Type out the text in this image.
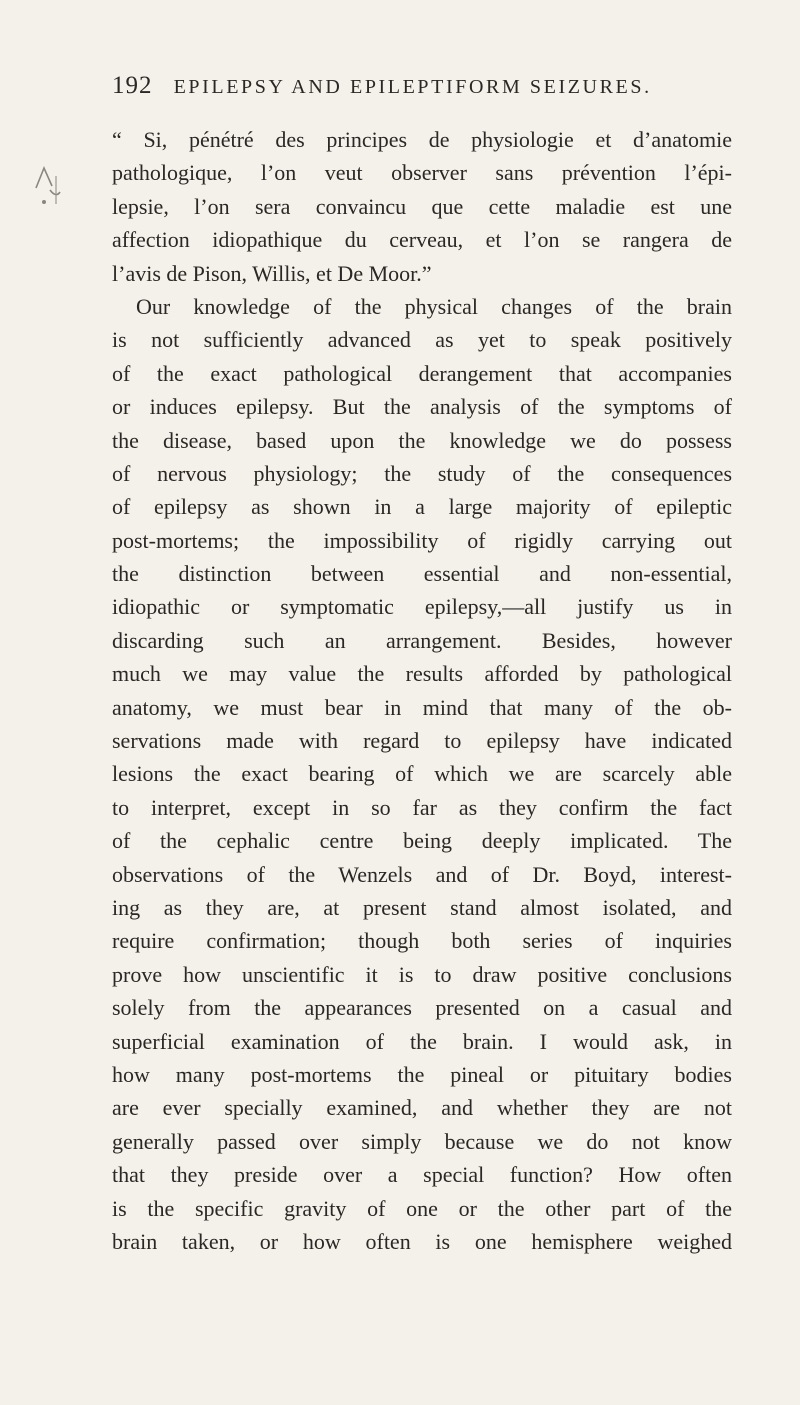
192 EPILEPSY AND EPILEPTIFORM SEIZURES.
“ Si, pénétré des principes de physiologie et d’anatomie
pathologique, l’on veut observer sans prévention l’épi-
lepsie, l’on sera convaincu que cette maladie est une
affection idiopathique du cerveau, et l’on se rangera de
l’avis de Pison, Willis, et De Moor.”
Our knowledge of the physical changes of the brain
is not sufficiently advanced as yet to speak positively
of the exact pathological derangement that accompanies
or induces epilepsy. But the analysis of the symptoms of
the disease, based upon the knowledge we do possess
of nervous physiology; the study of the consequences
of epilepsy as shown in a large majority of epileptic
post-mortems; the impossibility of rigidly carrying out
the distinction between essential and non-essential,
idiopathic or symptomatic epilepsy,—all justify us in
discarding such an arrangement. Besides, however
much we may value the results afforded by pathological
anatomy, we must bear in mind that many of the ob-
servations made with regard to epilepsy have indicated
lesions the exact bearing of which we are scarcely able
to interpret, except in so far as they confirm the fact
of the cephalic centre being deeply implicated. The
observations of the Wenzels and of Dr. Boyd, interest-
ing as they are, at present stand almost isolated, and
require confirmation; though both series of inquiries
prove how unscientific it is to draw positive conclusions
solely from the appearances presented on a casual and
superficial examination of the brain. I would ask, in
how many post-mortems the pineal or pituitary bodies
are ever specially examined, and whether they are not
generally passed over simply because we do not know
that they preside over a special function? How often
is the specific gravity of one or the other part of the
brain taken, or how often is one hemisphere weighed
